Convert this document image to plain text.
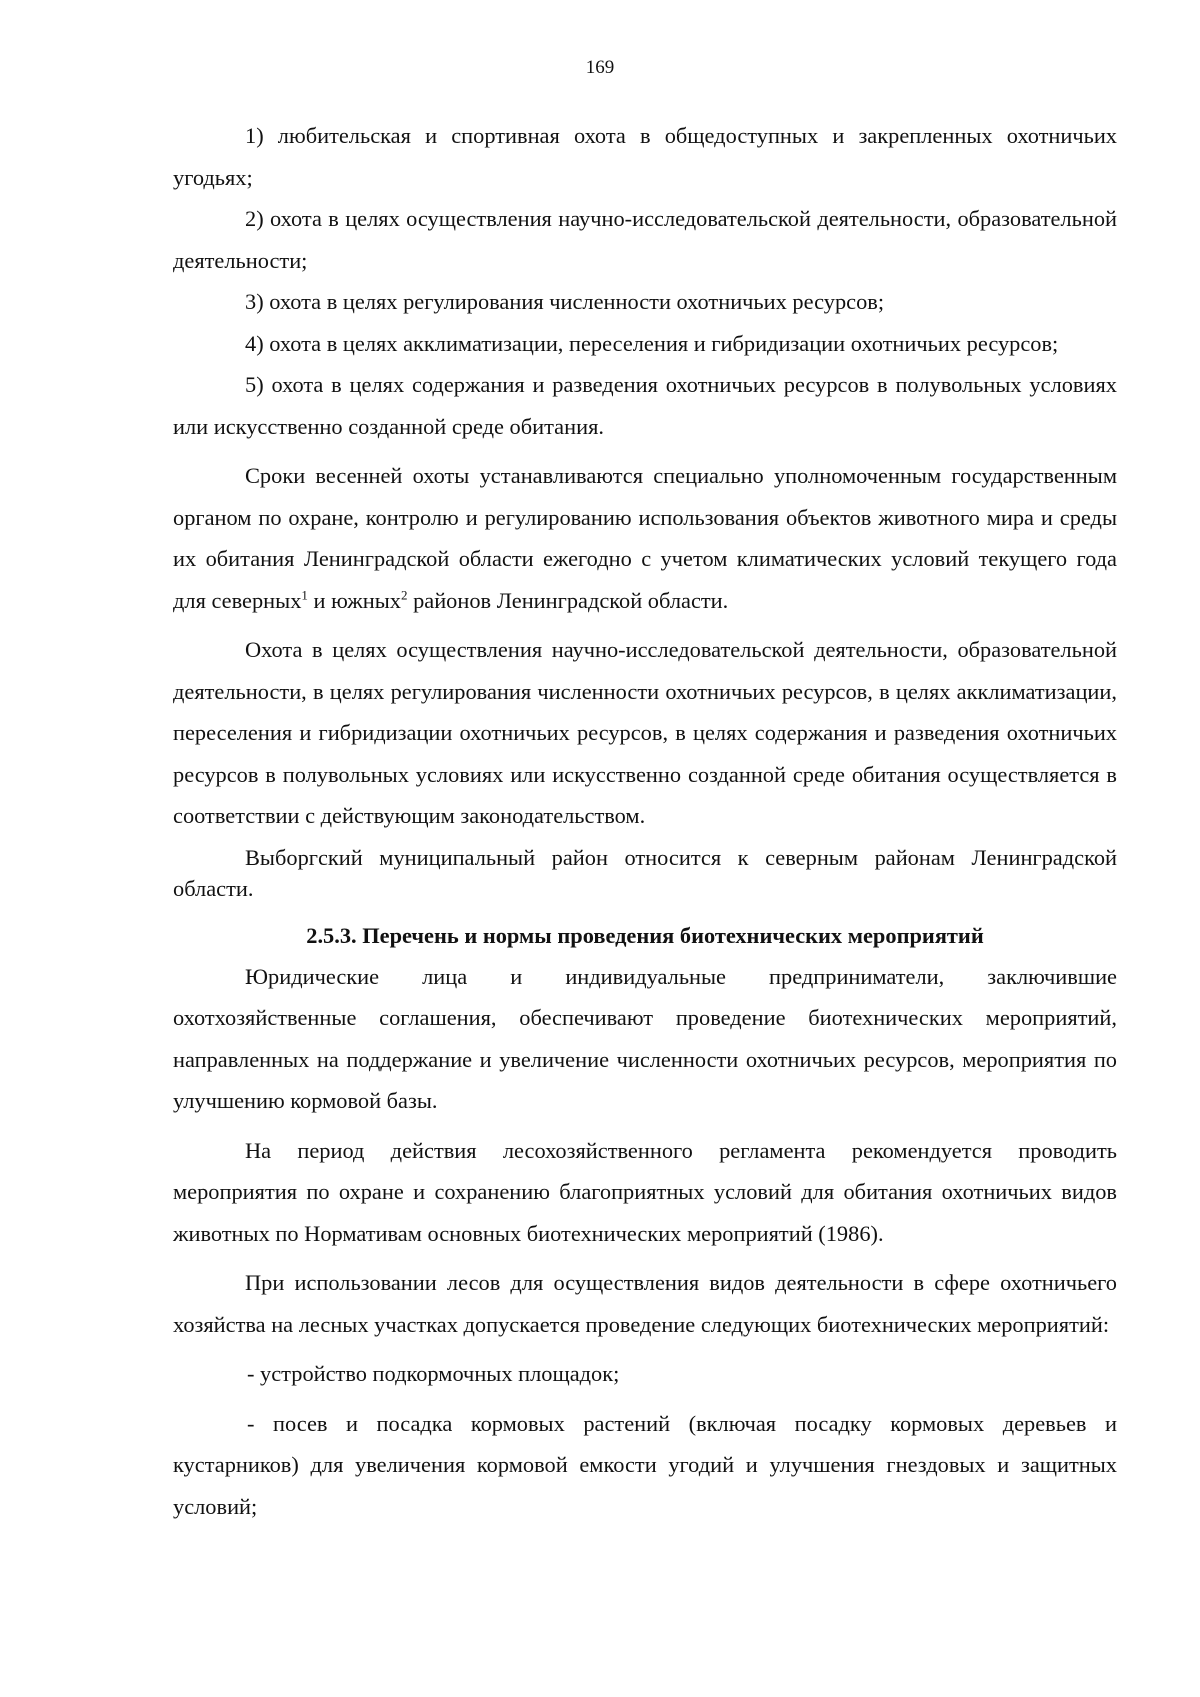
169

1) любительская и спортивная охота в общедоступных и закрепленных охотничьих угодьях;

2) охота в целях осуществления научно-исследовательской деятельности, образовательной деятельности;

3) охота в целях регулирования численности охотничьих ресурсов;

4) охота в целях акклиматизации, переселения и гибридизации охотничьих ресурсов;

5) охота в целях содержания и разведения охотничьих ресурсов в полувольных условиях или искусственно созданной среде обитания.

Сроки весенней охоты устанавливаются специально уполномоченным государственным органом по охране, контролю и регулированию использования объектов животного мира и среды их обитания Ленинградской области ежегодно с учетом климатических условий текущего года для северных$^1$ и южных$^2$ районов Ленинградской области.

Охота в целях осуществления научно-исследовательской деятельности, образовательной деятельности, в целях регулирования численности охотничьих ресурсов, в целях акклиматизации, переселения и гибридизации охотничьих ресурсов, в целях содержания и разведения охотничьих ресурсов в полувольных условиях или искусственно созданной среде обитания осуществляется в соответствии с действующим законодательством.

Выборгский муниципальный район относится к северным районам Ленинградской области.

2.5.3. Перечень и нормы проведения биотехнических мероприятий

Юридические лица и индивидуальные предприниматели, заключившие охотхозяйственные соглашения, обеспечивают проведение биотехнических мероприятий, направленных на поддержание и увеличение численности охотничьих ресурсов, мероприятия по улучшению кормовой базы.

На период действия лесохозяйственного регламента рекомендуется проводить мероприятия по охране и сохранению благоприятных условий для обитания охотничьих видов животных по Нормативам основных биотехнических мероприятий (1986).

При использовании лесов для осуществления видов деятельности в сфере охотничьего хозяйства на лесных участках допускается проведение следующих биотехнических мероприятий:

- устройство подкормочных площадок;

- посев и посадка кормовых растений (включая посадку кормовых деревьев и кустарников) для увеличения кормовой емкости угодий и улучшения гнездовых и защитных условий;
